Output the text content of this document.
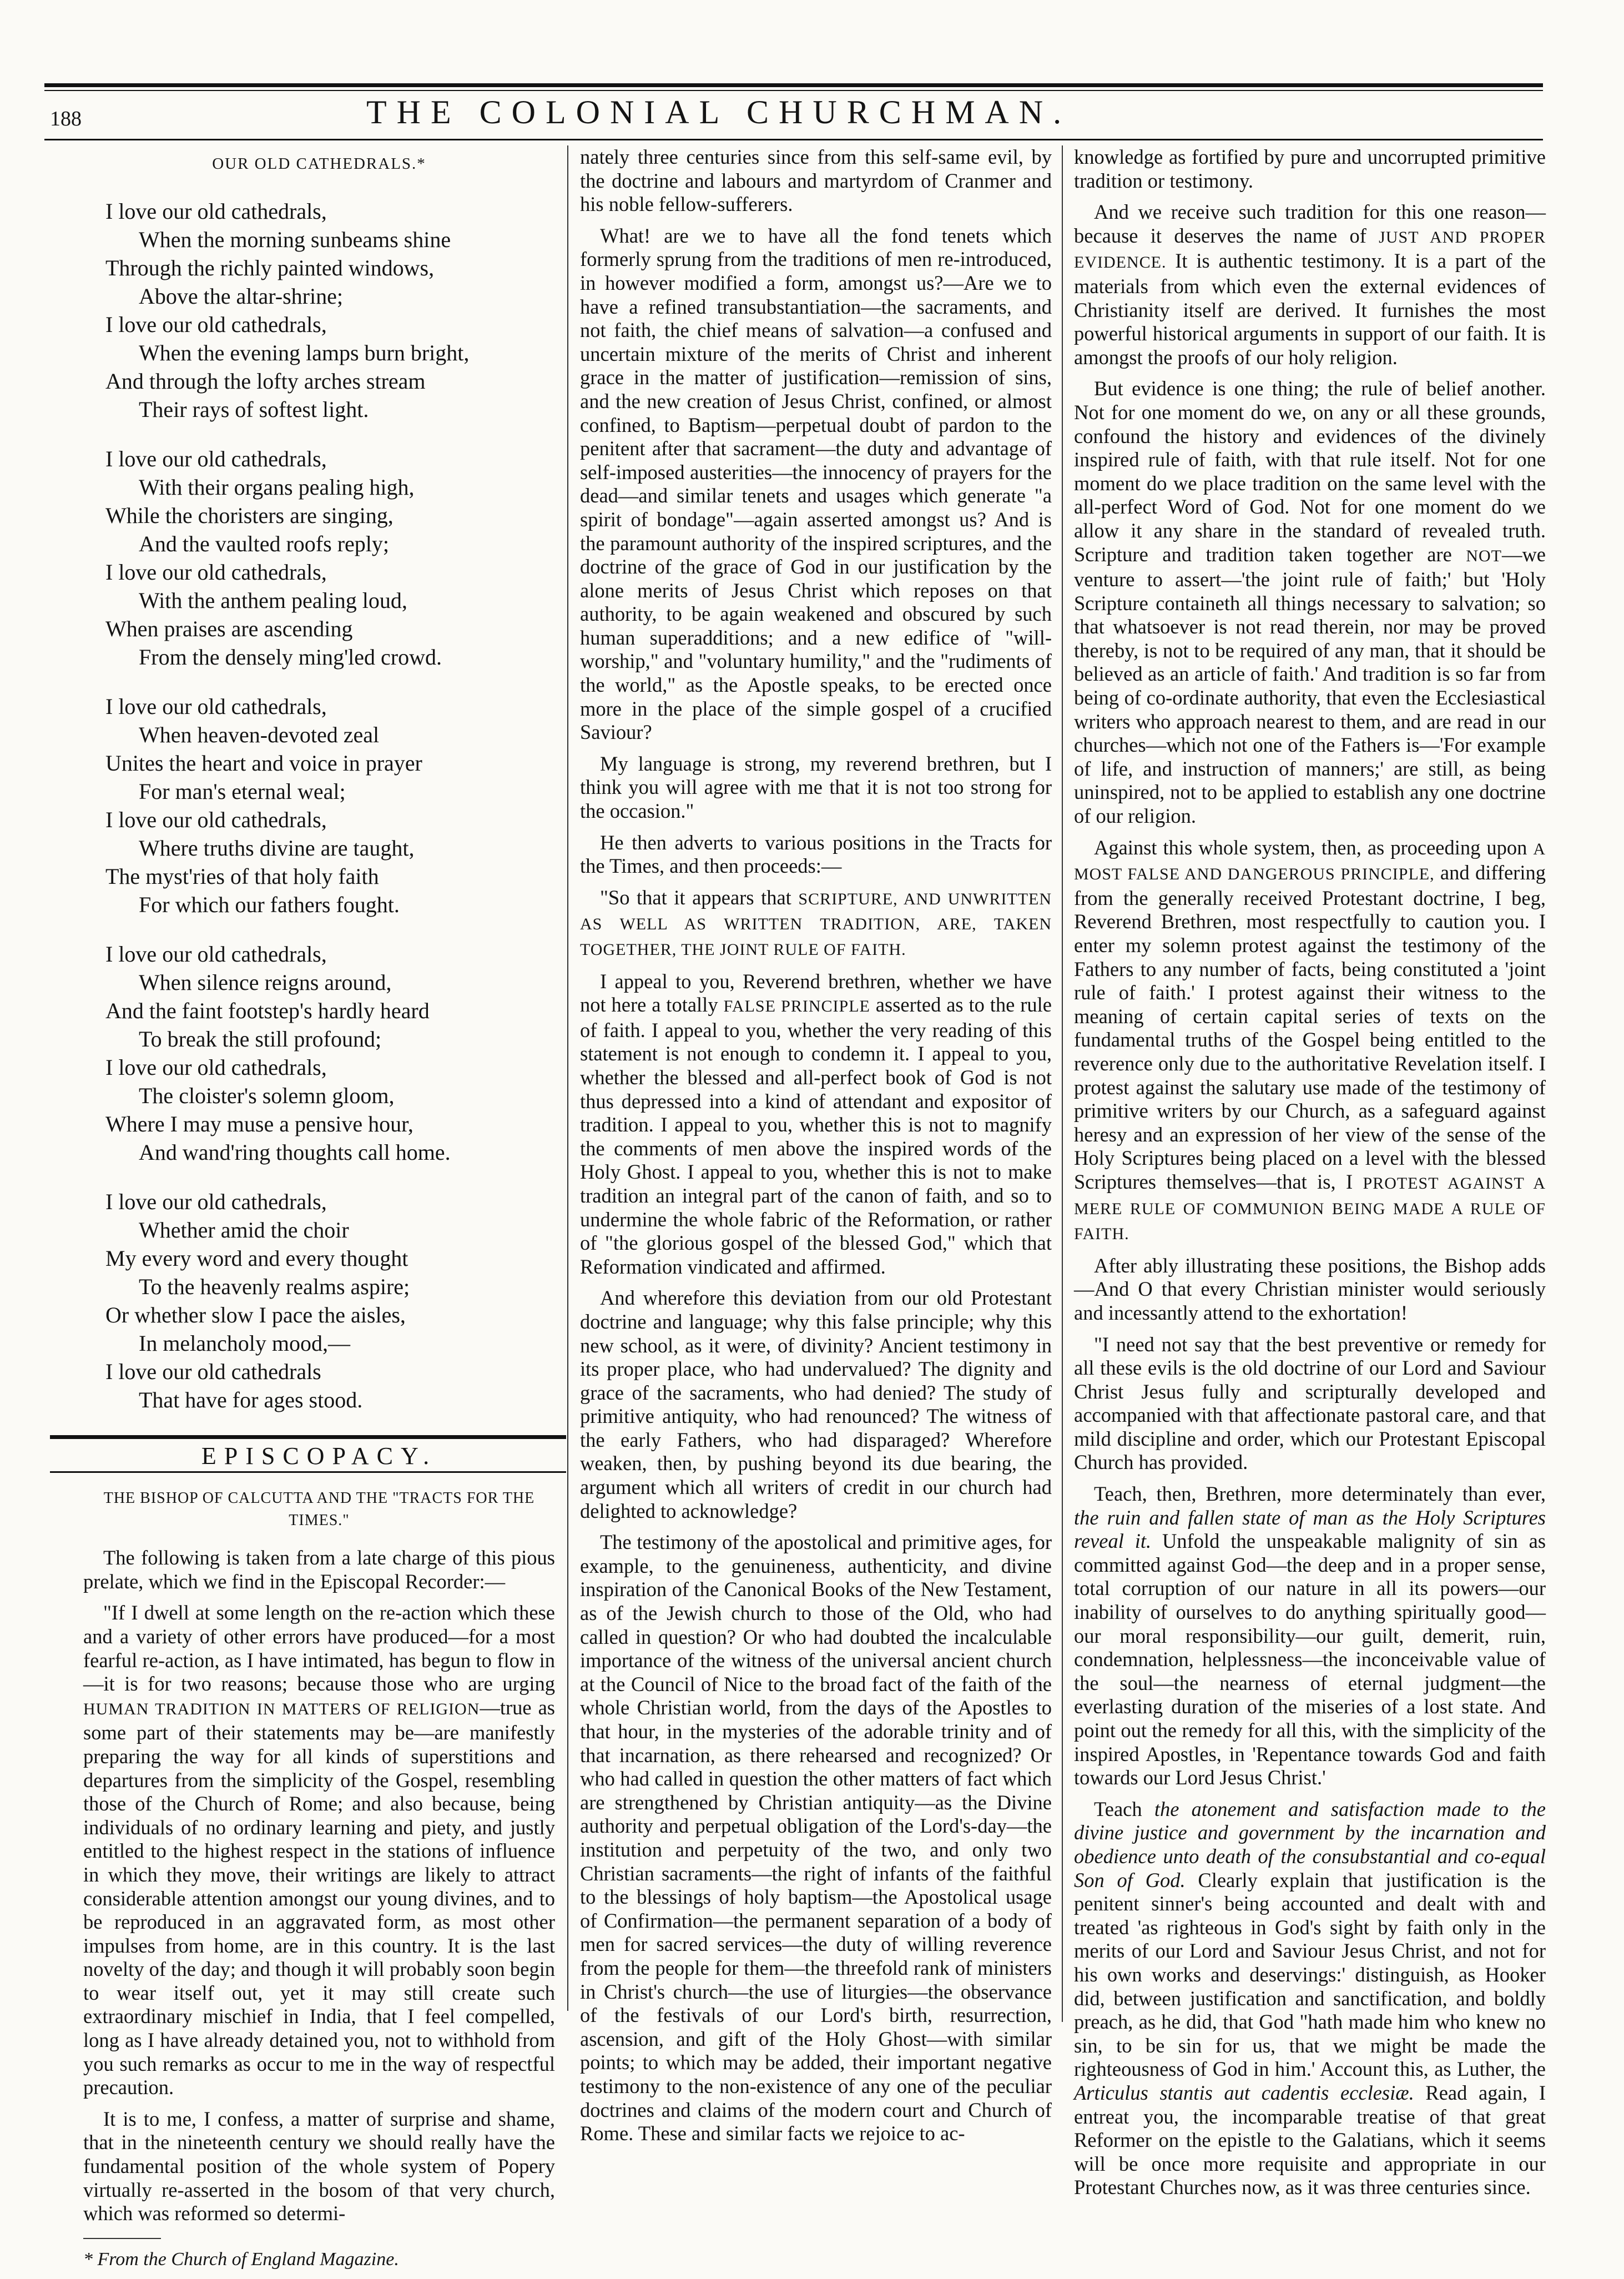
188	THE COLONIAL CHURCHMAN.
OUR OLD CATHEDRALS.*
I love our old cathedrals,
When the morning sunbeams shine
Through the richly painted windows,
Above the altar-shrine;
I love our old cathedrals,
When the evening lamps burn bright,
And through the lofty arches stream
Their rays of softest light.
I love our old cathedrals,
With their organs pealing high,
While the choristers are singing,
And the vaulted roofs reply;
I love our old cathedrals,
With the anthem pealing loud,
When praises are ascending
From the densely ming'led crowd.
I love our old cathedrals,
When heaven-devoted zeal
Unites the heart and voice in prayer
For man's eternal weal;
I love our old cathedrals,
Where truths divine are taught,
The myst'ries of that holy faith
For which our fathers fought.
I love our old cathedrals,
When silence reigns around,
And the faint footstep's hardly heard
To break the still profound;
I love our old cathedrals,
The cloister's solemn gloom,
Where I may muse a pensive hour,
And wand'ring thoughts call home.
I love our old cathedrals,
Whether amid the choir
My every word and every thought
To the heavenly realms aspire;
Or whether slow I pace the aisles,
In melancholy mood,—
I love our old cathedrals
That have for ages stood.
EPISCOPACY.
THE BISHOP OF CALCUTTA AND THE "TRACTS FOR THE TIMES."

The following is taken from a late charge of this pious prelate, which we find in the Episcopal Recorder:—

"If I dwell at some length on the re-action which these and a variety of other errors have produced—for a most fearful re-action, as I have intimated, has begun to flow in—it is for two reasons; because those who are urging HUMAN TRADITION IN MATTERS OF RELIGION—true as some part of their statements may be—are manifestly preparing the way for all kinds of superstitions and departures from the simplicity of the Gospel, resembling those of the Church of Rome; and also because, being individuals of no ordinary learning and piety, and justly entitled to the highest respect in the stations of influence in which they move, their writings are likely to attract considerable attention amongst our young divines, and to be reproduced in an aggravated form, as most other impulses from home, are in this country. It is the last novelty of the day; and though it will probably soon begin to wear itself out, yet it may still create such extraordinary mischief in India, that I feel compelled, long as I have already detained you, not to withhold from you such remarks as occur to me in the way of respectful precaution.

It is to me, I confess, a matter of surprise and shame, that in the nineteenth century we should really have the fundamental position of the whole system of Popery virtually re-asserted in the bosom of that very church, which was reformed so determi-

* From the Church of England Magazine.

nately three centuries since from this self-same evil, by the doctrine and labours and martyrdom of Cranmer and his noble fellow-sufferers.

What! are we to have all the fond tenets which formerly sprung from the traditions of men re-introduced, in however modified a form, amongst us?—Are we to have a refined transubstantiation—the sacraments, and not faith, the chief means of salvation—a confused and uncertain mixture of the merits of Christ and inherent grace in the matter of justification—remission of sins, and the new creation of Jesus Christ, confined, or almost confined, to Baptism—perpetual doubt of pardon to the penitent after that sacrament—the duty and advantage of self-imposed austerities—the innocency of prayers for the dead—and similar tenets and usages which generate "a spirit of bondage"—again asserted amongst us? And is the paramount authority of the inspired scriptures, and the doctrine of the grace of God in our justification by the alone merits of Jesus Christ which reposes on that authority, to be again weakened and obscured by such human superadditions; and a new edifice of "will-worship," and "voluntary humility," and the "rudiments of the world," as the Apostle speaks, to be erected once more in the place of the simple gospel of a crucified Saviour?

My language is strong, my reverend brethren, but I think you will agree with me that it is not too strong for the occasion."

He then adverts to various positions in the Tracts for the Times, and then proceeds:—

"So that it appears that SCRIPTURE, AND UNWRITTEN AS WELL AS WRITTEN TRADITION, ARE, TAKEN TOGETHER, THE JOINT RULE OF FAITH.

I appeal to you, Reverend brethren, whether we have not here a totally FALSE PRINCIPLE asserted as to the rule of faith. I appeal to you, whether the very reading of this statement is not enough to condemn it. I appeal to you, whether the blessed and all-perfect book of God is not thus depressed into a kind of attendant and expositor of tradition. I appeal to you, whether this is not to magnify the comments of men above the inspired words of the Holy Ghost. I appeal to you, whether this is not to make tradition an integral part of the canon of faith, and so to undermine the whole fabric of the Reformation, or rather of "the glorious gospel of the blessed God," which that Reformation vindicated and affirmed.

And wherefore this deviation from our old Protestant doctrine and language; why this false principle; why this new school, as it were, of divinity? Ancient testimony in its proper place, who had undervalued? The dignity and grace of the sacraments, who had denied? The study of primitive antiquity, who had renounced? The witness of the early Fathers, who had disparaged? Wherefore weaken, then, by pushing beyond its due bearing, the argument which all writers of credit in our church had delighted to acknowledge?

The testimony of the apostolical and primitive ages, for example, to the genuineness, authenticity, and divine inspiration of the Canonical Books of the New Testament, as of the Jewish church to those of the Old, who had called in question? Or who had doubted the incalculable importance of the witness of the universal ancient church at the Council of Nice to the broad fact of the faith of the whole Christian world, from the days of the Apostles to that hour, in the mysteries of the adorable trinity and of that incarnation, as there rehearsed and recognized? Or who had called in question the other matters of fact which are strengthened by Christian antiquity—as the Divine authority and perpetual obligation of the Lord's-day—the institution and perpetuity of the two, and only two Christian sacraments—the right of infants of the faithful to the blessings of holy baptism—the Apostolical usage of Confirmation—the permanent separation of a body of men for sacred services—the duty of willing reverence from the people for them—the threefold rank of ministers in Christ's church—the use of liturgies—the observance of the festivals of our Lord's birth, resurrection, ascension, and gift of the Holy Ghost—with similar points; to which may be added, their important negative testimony to the non-existence of any one of the peculiar doctrines and claims of the modern court and Church of Rome. These and similar facts we rejoice to ac-

knowledge as fortified by pure and uncorrupted primitive tradition or testimony.

And we receive such tradition for this one reason—because it deserves the name of JUST AND PROPER EVIDENCE. It is authentic testimony. It is a part of the materials from which even the external evidences of Christianity itself are derived. It furnishes the most powerful historical arguments in support of our faith. It is amongst the proofs of our holy religion.

But evidence is one thing; the rule of belief another. Not for one moment do we, on any or all these grounds, confound the history and evidences of the divinely inspired rule of faith, with that rule itself. Not for one moment do we place tradition on the same level with the all-perfect Word of God. Not for one moment do we allow it any share in the standard of revealed truth. Scripture and tradition taken together are NOT—we venture to assert—'the joint rule of faith;' but 'Holy Scripture containeth all things necessary to salvation; so that whatsoever is not read therein, nor may be proved thereby, is not to be required of any man, that it should be believed as an article of faith.' And tradition is so far from being of co-ordinate authority, that even the Ecclesiastical writers who approach nearest to them, and are read in our churches—which not one of the Fathers is—'For example of life, and instruction of manners;' are still, as being uninspired, not to be applied to establish any one doctrine of our religion.

Against this whole system, then, as proceeding upon A MOST FALSE AND DANGEROUS PRINCIPLE, and differing from the generally received Protestant doctrine, I beg, Reverend Brethren, most respectfully to caution you. I enter my solemn protest against the testimony of the Fathers to any number of facts, being constituted a 'joint rule of faith.' I protest against their witness to the meaning of certain capital series of texts on the fundamental truths of the Gospel being entitled to the reverence only due to the authoritative Revelation itself. I protest against the salutary use made of the testimony of primitive writers by our Church, as a safeguard against heresy and an expression of her view of the sense of the Holy Scriptures being placed on a level with the blessed Scriptures themselves—that is, I PROTEST AGAINST A MERE RULE OF COMMUNION BEING MADE A RULE OF FAITH.

After ably illustrating these positions, the Bishop adds—And O that every Christian minister would seriously and incessantly attend to the exhortation!

"I need not say that the best preventive or remedy for all these evils is the old doctrine of our Lord and Saviour Christ Jesus fully and scripturally developed and accompanied with that affectionate pastoral care, and that mild discipline and order, which our Protestant Episcopal Church has provided.

Teach, then, Brethren, more determinately than ever, the ruin and fallen state of man as the Holy Scriptures reveal it. Unfold the unspeakable malignity of sin as committed against God—the deep and in a proper sense, total corruption of our nature in all its powers—our inability of ourselves to do anything spiritually good—our moral responsibility—our guilt, demerit, ruin, condemnation, helplessness—the inconceivable value of the soul—the nearness of eternal judgment—the everlasting duration of the miseries of a lost state. And point out the remedy for all this, with the simplicity of the inspired Apostles, in 'Repentance towards God and faith towards our Lord Jesus Christ.'

Teach the atonement and satisfaction made to the divine justice and government by the incarnation and obedience unto death of the consubstantial and co-equal Son of God. Clearly explain that justification is the penitent sinner's being accounted and dealt with and treated 'as righteous in God's sight by faith only in the merits of our Lord and Saviour Jesus Christ, and not for his own works and deservings:' distinguish, as Hooker did, between justification and sanctification, and boldly preach, as he did, that God "hath made him who knew no sin, to be sin for us, that we might be made the righteousness of God in him.' Account this, as Luther, the Articulus stantis aut cadentis ecclesiæ. Read again, I entreat you, the incomparable treatise of that great Reformer on the epistle to the Galatians, which it seems will be once more requisite and appropriate in our Protestant Churches now, as it was three centuries since.
